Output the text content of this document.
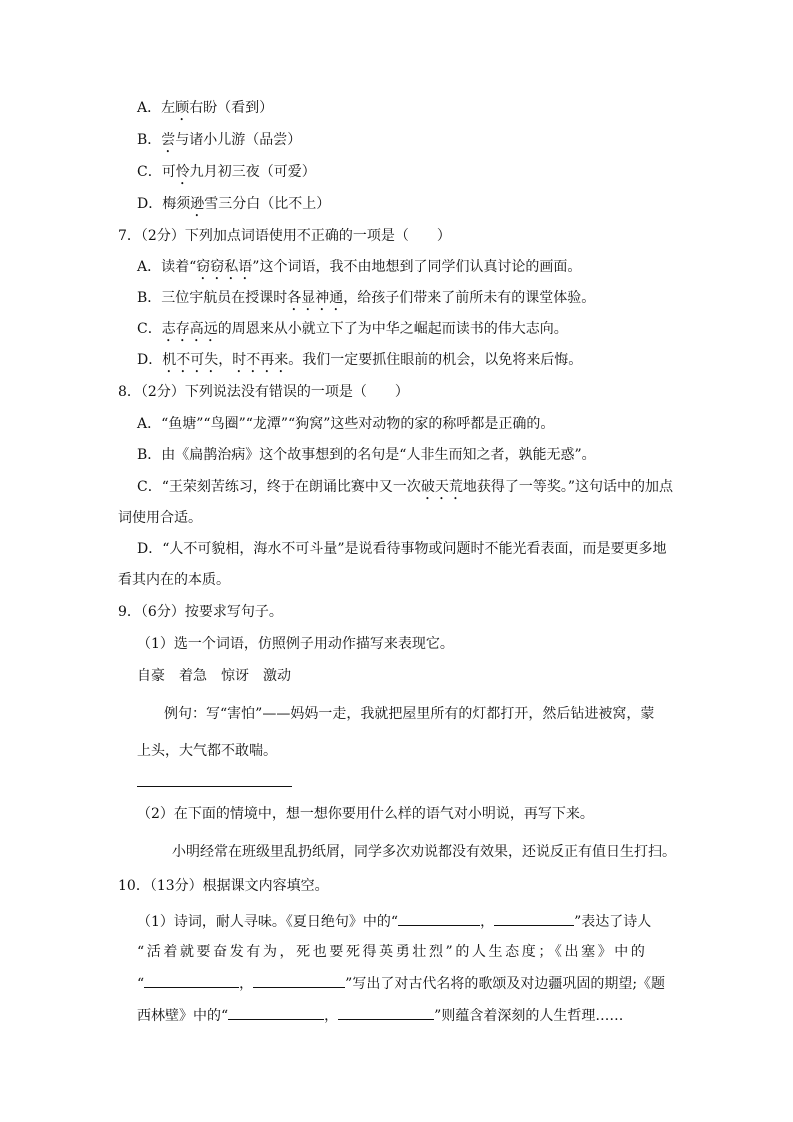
A．左顾右盼（看到）
B．尝与诸小儿游（品尝）
C．可怜九月初三夜（可爱）
D．梅须逊雪三分白（比不上）
7．（2分）下列加点词语使用不正确的一项是（　　）
A．读着“窃窃私语”这个词语，我不由地想到了同学们认真讨论的画面。
B．三位宇航员在授课时各显神通，给孩子们带来了前所未有的课堂体验。
C．志存高远的周恩来从小就立下了为中华之崛起而读书的伟大志向。
D．机不可失，时不再来。我们一定要抓住眼前的机会，以免将来后悔。
8．（2分）下列说法没有错误的一项是（　　）
A．“鱼塘”“鸟圈”“龙潭”“狗窝”这些对动物的家的称呼都是正确的。
B．由《扁鹊治病》这个故事想到的名句是“人非生而知之者，孰能无惑”。
C．“王荣刻苦练习，终于在朗诵比赛中又一次破天荒地获得了一等奖。”这句话中的加点
词使用合适。
D．“人不可貌相，海水不可斗量”是说看待事物或问题时不能光看表面，而是要更多地
看其内在的本质。
9．（6分）按要求写句子。
（1）选一个词语，仿照例子用动作描写来表现它。
自豪　着急　惊讶　激动
例句：写“害怕”——妈妈一走，我就把屋里所有的灯都打开，然后钻进被窝，蒙
上头，大气都不敢喘。
（2）在下面的情境中，想一想你要用什么样的语气对小明说，再写下来。
小明经常在班级里乱扔纸屑，同学多次劝说都没有效果，还说反正有值日生打扫。
10．（13分）根据课文内容填空。
（1）诗词，耐人寻味。《夏日绝句》中的“	，	”表达了诗人
“活着就要奋发有为，死也要死得英勇壮烈”的人生态度；《出塞》中的
“	，	”写出了对古代名将的歌颂及对边疆巩固的期望;《题
西林壁》中的“	，	”则蕴含着深刻的人生哲理……
